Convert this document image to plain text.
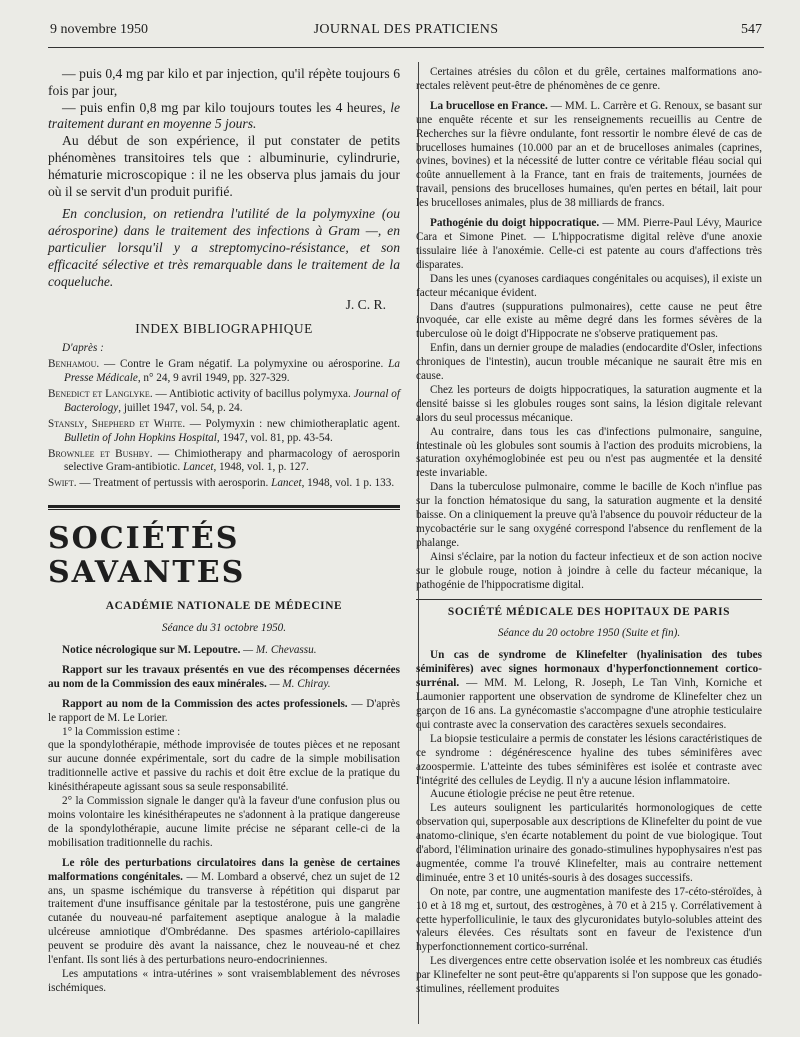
9 novembre 1950	JOURNAL DES PRATICIENS	547

— puis 0,4 mg par kilo et par injection, qu'il répète toujours 6 fois par jour,

— puis enfin 0,8 mg par kilo toujours toutes les 4 heures, le traitement durant en moyenne 5 jours.

Au début de son expérience, il put constater de petits phénomènes transitoires tels que : albuminurie, cylindrurie, hématurie microscopique : il ne les observa plus jamais du jour où il se servit d'un produit purifié.

En conclusion, on retiendra l'utilité de la polymyxine (ou aérosporine) dans le traitement des infections à Gram —, en particulier lorsqu'il y a streptomycino-résistance, et son efficacité sélective et très remarquable dans le traitement de la coqueluche.

J. C. R.

INDEX BIBLIOGRAPHIQUE

D'après :

Benhamou. — Contre le Gram négatif. La polymyxine ou aérosporine. La Presse Médicale, n° 24, 9 avril 1949, pp. 327-329.

Benedict et Langlyke. — Antibiotic activity of bacillus polymyxa. Journal of Bacterology, juillet 1947, vol. 54, p. 24.

Stansly, Shepherd et White. — Polymyxin : new chimiotheraplatic agent. Bulletin of John Hopkins Hospital, 1947, vol. 81, pp. 43-54.

Brownlee et Bushby. — Chimiotherapy and pharmacology of aerosporin selective Gram-antibiotic. Lancet, 1948, vol. 1, p. 127.

Swift. — Treatment of pertussis with aerosporin. Lancet, 1948, vol. 1 p. 133.

SOCIÉTÉS SAVANTES

ACADÉMIE NATIONALE DE MÉDECINE

Séance du 31 octobre 1950.

Notice nécrologique sur M. Lepoutre. — M. Chevassu.

Rapport sur les travaux présentés en vue des récompenses décernées au nom de la Commission des eaux minérales. — M. Chiray.

Rapport au nom de la Commission des actes professionels. — D'après le rapport de M. Le Lorier.

1° la Commission estime :

que la spondylothérapie, méthode improvisée de toutes pièces et ne reposant sur aucune donnée expérimentale, sort du cadre de la simple mobilisation traditionnelle active et passive du rachis et doit être exclue de la pratique du kinésithérapeute agissant sous sa seule responsabilité.

2° la Commission signale le danger qu'à la faveur d'une confusion plus ou moins volontaire les kinésithérapeutes ne s'adonnent à la pratique dangereuse de la spondylothérapie, aucune limite précise ne séparant celle-ci de la mobilisation traditionnelle du rachis.

Le rôle des perturbations circulatoires dans la genèse de certaines malformations congénitales. — M. Lombard a observé, chez un sujet de 12 ans, un spasme ischémique du transverse à répétition qui disparut par traitement d'une insuffisance génitale par la testostérone, puis une gangrène cutanée du nouveau-né parfaitement aseptique analogue à la maladie ulcéreuse amniotique d'Ombrédanne. Des spasmes artériolo-capillaires peuvent se produire dès avant la naissance, chez le nouveau-né et chez l'enfant. Ils sont liés à des perturbations neuro-endocriniennes.

Les amputations « intra-utérines » sont vraisemblablement des névroses ischémiques.

Certaines atrésies du côlon et du grêle, certaines malformations ano-rectales relèvent peut-être de phénomènes de ce genre.

La brucellose en France. — MM. L. Carrère et G. Renoux, se basant sur une enquête récente et sur les renseignements recueillis au Centre de Recherches sur la fièvre ondulante, font ressortir le nombre élevé de cas de brucelloses humaines (10.000 par an et de brucelloses animales (caprines, ovines, bovines) et la nécessité de lutter contre ce véritable fléau social qui coûte annuellement à la France, tant en frais de traitements, journées de travail, pensions des brucelloses humaines, qu'en pertes en bétail, lait pour les brucelloses animales, plus de 38 milliards de francs.

Pathogénie du doigt hippocratique. — MM. Pierre-Paul Lévy, Maurice Cara et Simone Pinet. — L'hippocratisme digital relève d'une anoxie tissulaire liée à l'anoxémie. Celle-ci est patente au cours d'affections très disparates.

Dans les unes (cyanoses cardiaques congénitales ou acquises), il existe un facteur mécanique évident.

Dans d'autres (suppurations pulmonaires), cette cause ne peut être invoquée, car elle existe au même degré dans les formes sévères de la tuberculose où le doigt d'Hippocrate ne s'observe pratiquement pas.

Enfin, dans un dernier groupe de maladies (endocardite d'Osler, infections chroniques de l'intestin), aucun trouble mécanique ne saurait être mis en cause.

Chez les porteurs de doigts hippocratiques, la saturation augmente et la densité baisse si les globules rouges sont sains, la lésion digitale relevant alors du seul processus mécanique.

Au contraire, dans tous les cas d'infections pulmonaire, sanguine, intestinale où les globules sont soumis à l'action des produits microbiens, la saturation oxyhémoglobinée est peu ou n'est pas augmentée et la densité reste invariable.

Dans la tuberculose pulmonaire, comme le bacille de Koch n'influe pas sur la fonction hématosique du sang, la saturation augmente et la densité baisse. On a cliniquement la preuve qu'à l'absence du pouvoir réducteur de la mycobactérie sur le sang oxygéné correspond l'absence du renflement de la phalange.

Ainsi s'éclaire, par la notion du facteur infectieux et de son action nocive sur le globule rouge, notion à joindre à celle du facteur mécanique, la pathogénie de l'hippocratisme digital.

SOCIÉTÉ MÉDICALE DES HOPITAUX DE PARIS

Séance du 20 octobre 1950 (Suite et fin).

Un cas de syndrome de Klinefelter (hyalinisation des tubes séminifères) avec signes hormonaux d'hyperfonctionnement cortico-surrénal. — MM. M. Lelong, R. Joseph, Le Tan Vinh, Korniche et Laumonier rapportent une observation de syndrome de Klinefelter chez un garçon de 16 ans. La gynécomastie s'accompagne d'une atrophie testiculaire qui contraste avec la conservation des caractères sexuels secondaires.

La biopsie testiculaire a permis de constater les lésions caractéristiques de ce syndrome : dégénérescence hyaline des tubes séminifères avec azoospermie. L'atteinte des tubes séminifères est isolée et contraste avec l'intégrité des cellules de Leydig. Il n'y a aucune lésion inflammatoire.

Aucune étiologie précise ne peut être retenue.

Les auteurs soulignent les particularités hormonologiques de cette observation qui, superposable aux descriptions de Klinefelter du point de vue anatomo-clinique, s'en écarte notablement du point de vue biologique. Tout d'abord, l'élimination urinaire des gonado-stimulines hypophysaires n'est pas augmentée, comme l'a trouvé Klinefelter, mais au contraire nettement diminuée, entre 3 et 10 unités-souris à des dosages successifs.

On note, par contre, une augmentation manifeste des 17-céto-stéroïdes, à 10 et à 18 mg et, surtout, des œstrogènes, à 70 et à 215 γ. Corrélativement à cette hyperfolliculinie, le taux des glycuronidates butylo-solubles atteint des valeurs élevées. Ces résultats sont en faveur de l'existence d'un hyperfonctionnement cortico-surrénal.

Les divergences entre cette observation isolée et les nombreux cas étudiés par Klinefelter ne sont peut-être qu'apparents si l'on suppose que les gonado-stimulines, réellement produites
